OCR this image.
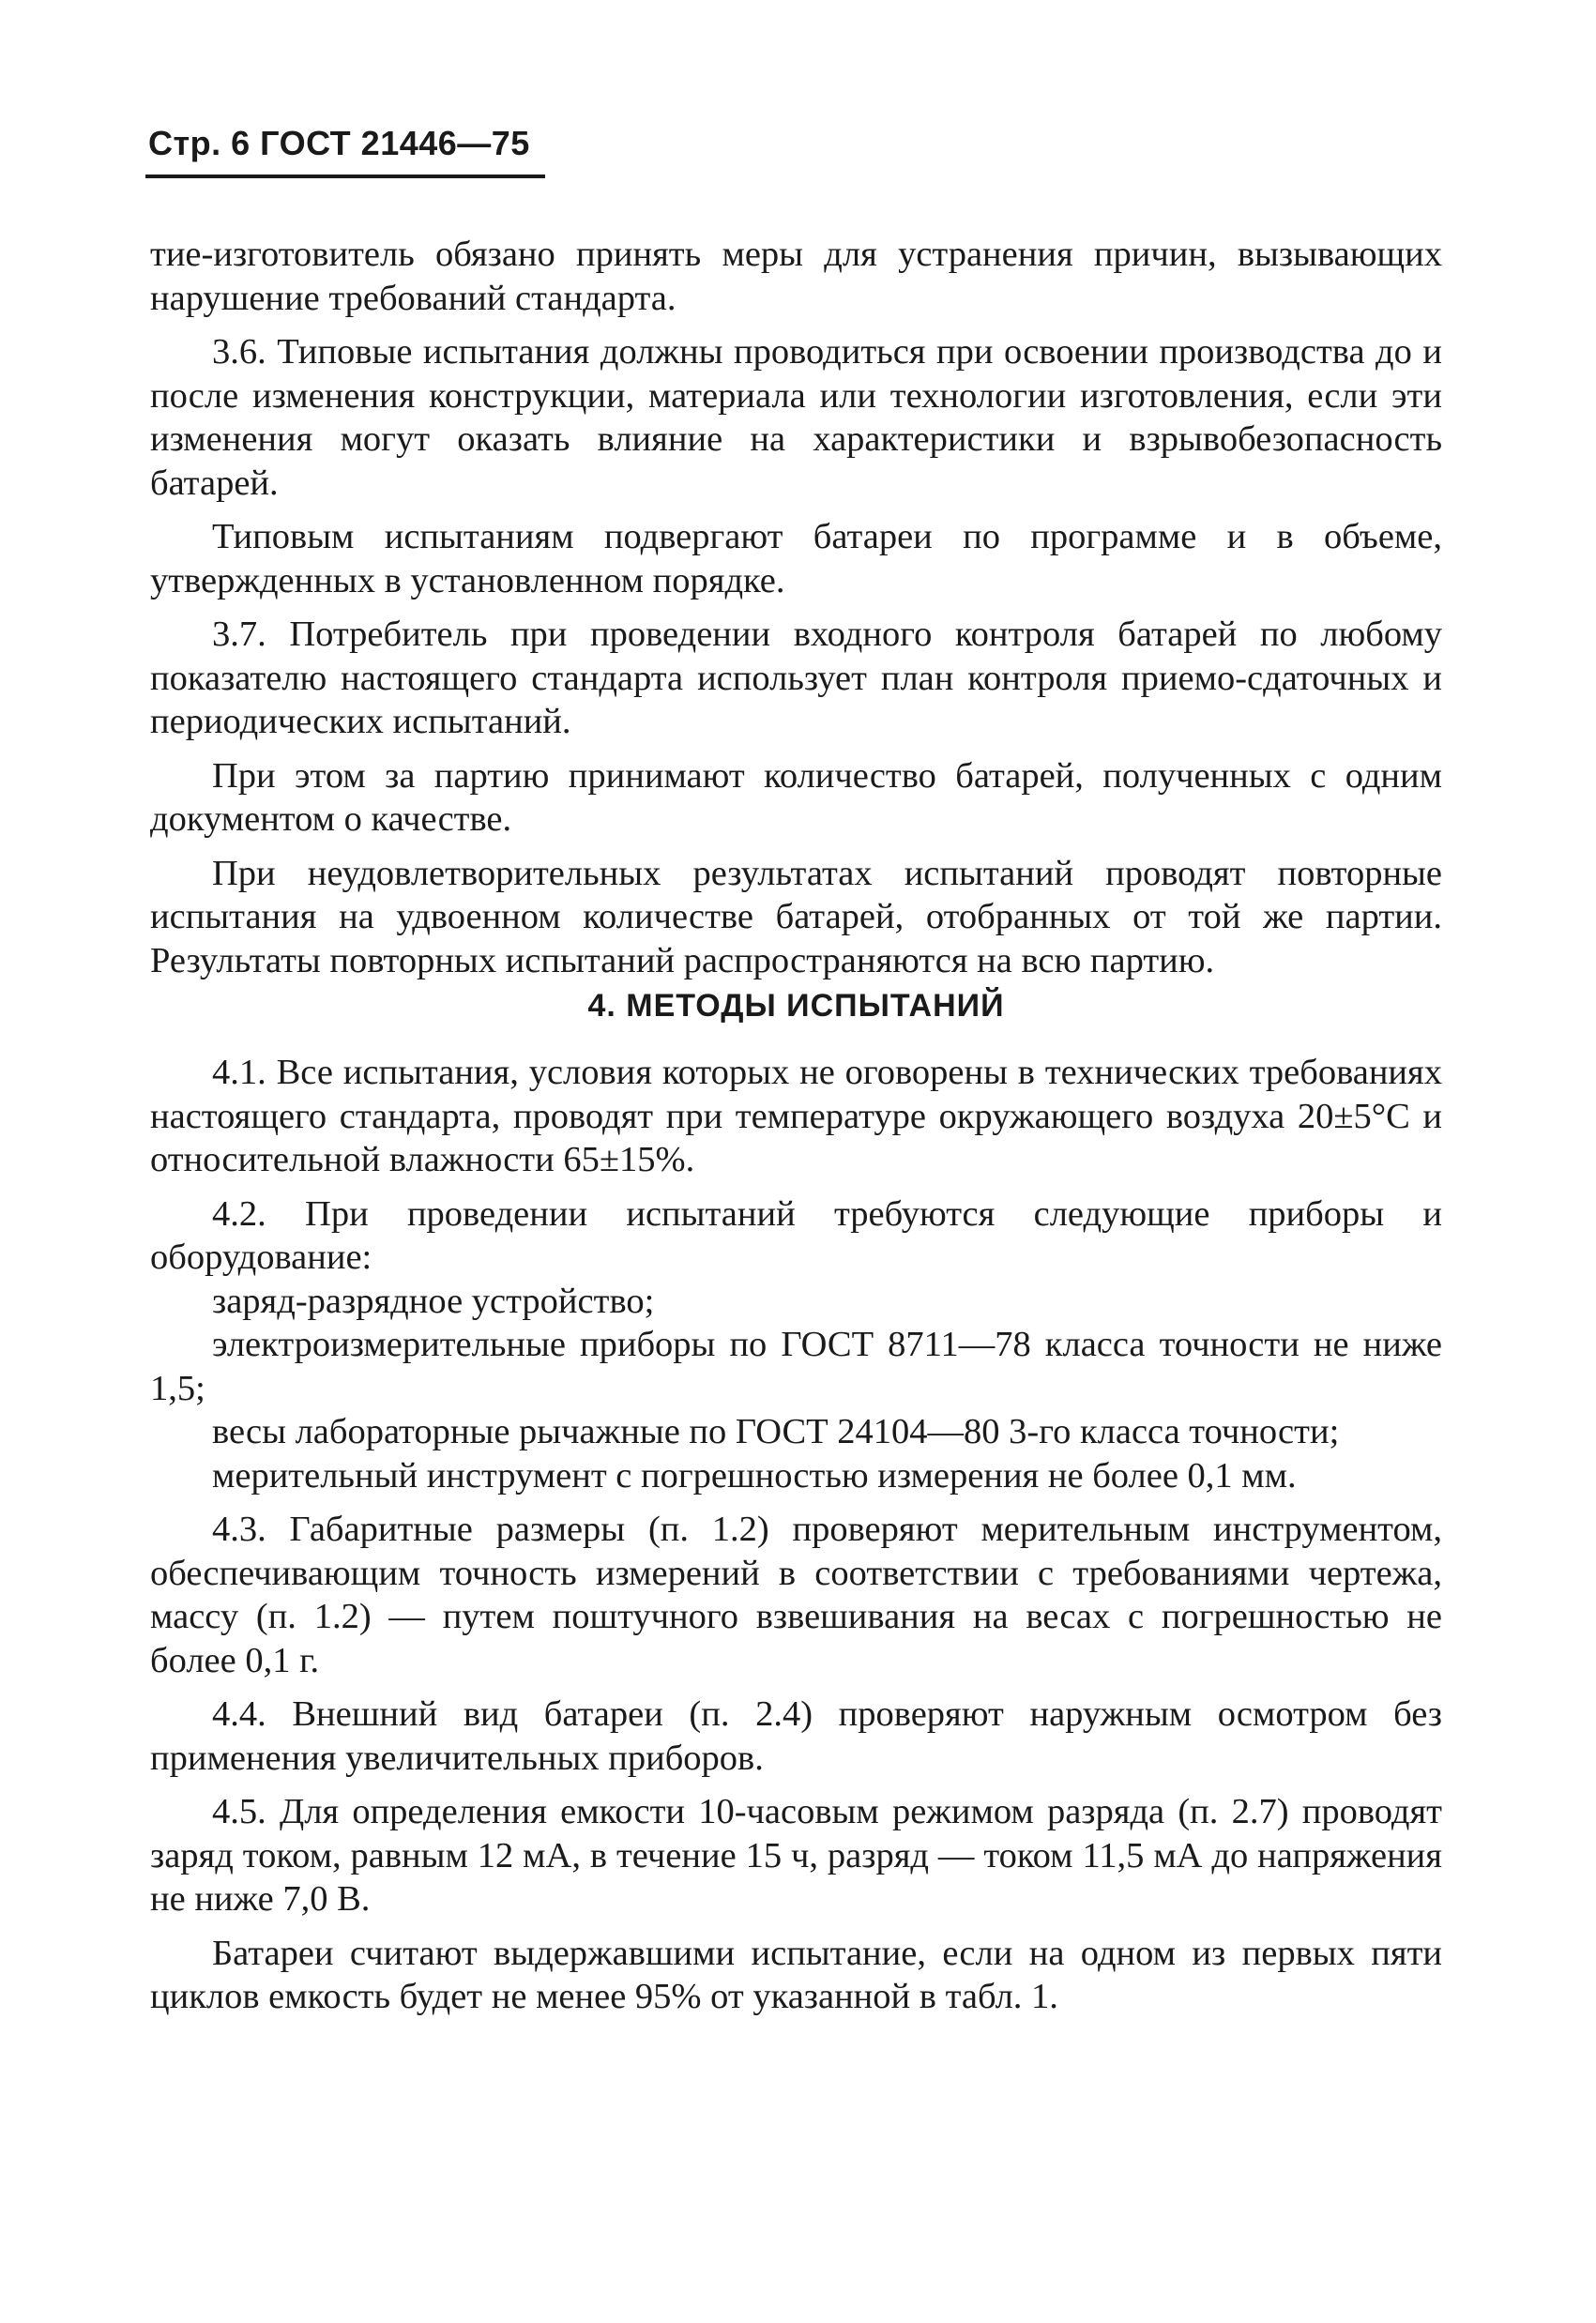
Стр. 6 ГОСТ 21446—75

тие-изготовитель обязано принять меры для устранения причин, вызывающих нарушение требований стандарта.

3.6. Типовые испытания должны проводиться при освоении производства до и после изменения конструкции, материала или технологии изготовления, если эти изменения могут оказать влияние на характеристики и взрывобезопасность батарей.

Типовым испытаниям подвергают батареи по программе и в объеме, утвержденных в установленном порядке.

3.7. Потребитель при проведении входного контроля батарей по любому показателю настоящего стандарта использует план контроля приемо-сдаточных и периодических испытаний.

При этом за партию принимают количество батарей, полученных с одним документом о качестве.

При неудовлетворительных результатах испытаний проводят повторные испытания на удвоенном количестве батарей, отобранных от той же партии. Результаты повторных испытаний распространяются на всю партию.

4. МЕТОДЫ ИСПЫТАНИЙ

4.1. Все испытания, условия которых не оговорены в технических требованиях настоящего стандарта, проводят при температуре окружающего воздуха 20±5°С и относительной влажности 65±15%.

4.2. При проведении испытаний требуются следующие приборы и оборудование:

заряд-разрядное устройство;

электроизмерительные приборы по ГОСТ 8711—78 класса точности не ниже 1,5;

весы лабораторные рычажные по ГОСТ 24104—80 3-го класса точности;

мерительный инструмент с погрешностью измерения не более 0,1 мм.

4.3. Габаритные размеры (п. 1.2) проверяют мерительным инструментом, обеспечивающим точность измерений в соответствии с требованиями чертежа, массу (п. 1.2) — путем поштучного взвешивания на весах с погрешностью не более 0,1 г.

4.4. Внешний вид батареи (п. 2.4) проверяют наружным осмотром без применения увеличительных приборов.

4.5. Для определения емкости 10-часовым режимом разряда (п. 2.7) проводят заряд током, равным 12 мА, в течение 15 ч, разряд — током 11,5 мА до напряжения не ниже 7,0 В.

Батареи считают выдержавшими испытание, если на одном из первых пяти циклов емкость будет не менее 95% от указанной в табл. 1.
